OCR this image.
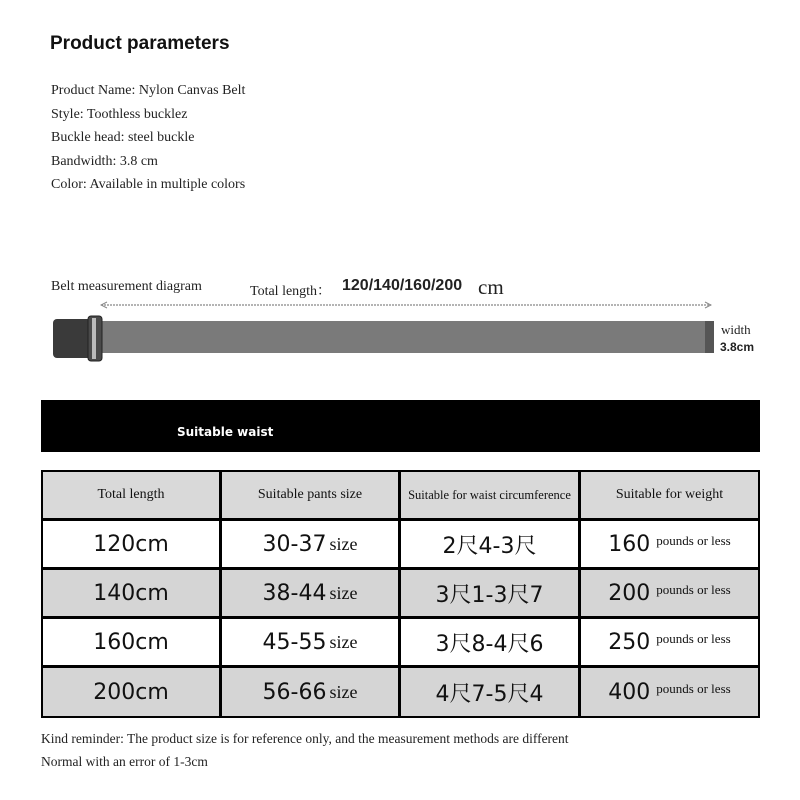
Product parameters
Product Name: Nylon Canvas Belt
Style: Toothless bucklez
Buckle head: steel buckle
Bandwidth: 3.8 cm
Color: Available in multiple colors
Belt measurement diagram	Total length： 120/140/160/200 cm
width
3.8cm
Suitable waist
Total length	Suitable pants size	Suitable for waist circumference	Suitable for weight
120cm	30-37 size	2尺4-3尺	160 pounds or less
140cm	38-44 size	3尺1-3尺7	200 pounds or less
160cm	45-55 size	3尺8-4尺6	250 pounds or less
200cm	56-66 size	4尺7-5尺4	400 pounds or less
Kind reminder: The product size is for reference only, and the measurement methods are different
Normal with an error of 1-3cm
